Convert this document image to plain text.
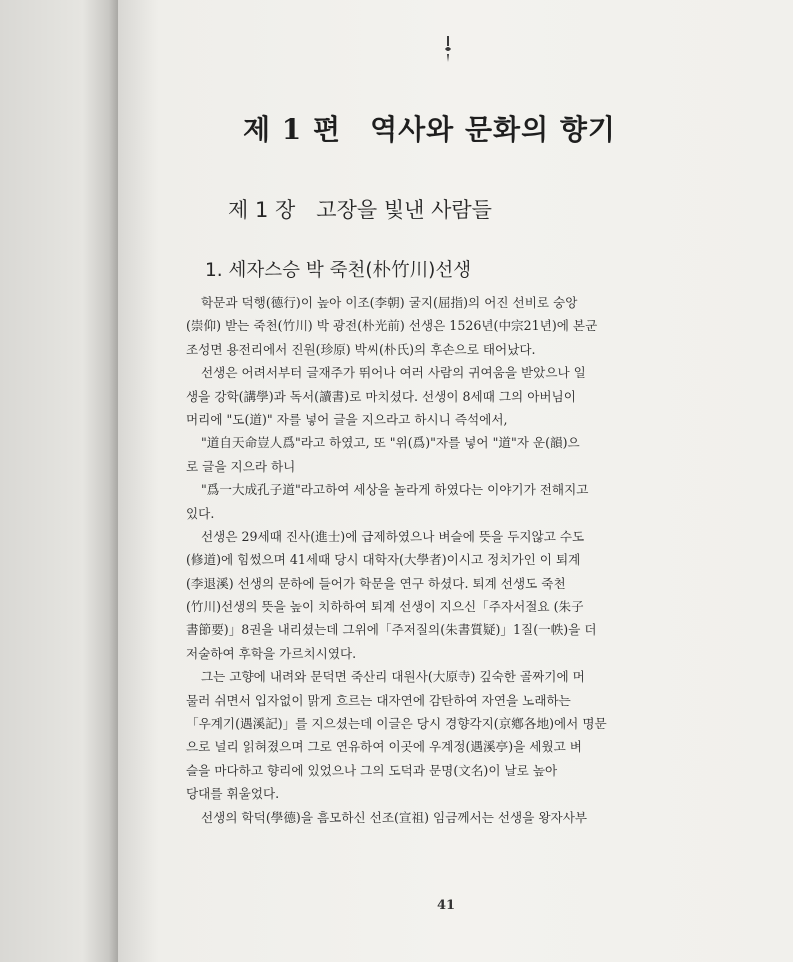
제 1 편　역사와 문화의 향기
제 1 장　고장을 빛낸 사람들
1. 세자스승 박 죽천(朴竹川)선생
학문과 덕행(德行)이 높아 이조(李朝) 굴지(屈指)의 어진 선비로 숭앙
(崇仰) 받는 죽천(竹川) 박 광전(朴光前) 선생은 1526년(中宗21년)에 본군
조성면 용전리에서 진원(珍原) 박씨(朴氏)의 후손으로 태어났다.
선생은 어려서부터 글재주가 뛰어나 여러 사람의 귀여움을 받았으나 일
생을 강학(講學)과 독서(讀書)로 마치셨다. 선생이 8세때 그의 아버님이
머리에 "도(道)" 자를 넣어 글을 지으라고 하시니 즉석에서,
"道自天命豈人爲"라고 하였고, 또 "위(爲)"자를 넣어 "道"자 운(韻)으
로 글을 지으라 하니
"爲一大成孔子道"라고하여 세상을 놀라게 하였다는 이야기가 전해지고
있다.
선생은 29세때 진사(進士)에 급제하였으나 벼슬에 뜻을 두지않고 수도
(修道)에 힘썼으며 41세때 당시 대학자(大學者)이시고 정치가인 이 퇴계
(李退溪) 선생의 문하에 들어가 학문을 연구 하셨다. 퇴계 선생도 죽천
(竹川)선생의 뜻을 높이 치하하여 퇴계 선생이 지으신「주자서절요 (朱子
書節要)」8권을 내리셨는데 그위에「주저질의(朱書質疑)」1질(一帙)을 더
저술하여 후학을 가르치시였다.
그는 고향에 내려와 문덕면 죽산리 대원사(大原寺) 깊숙한 골짜기에 머
물러 쉬면서 입자없이 맑게 흐르는 대자연에 감탄하여 자연을 노래하는
「우계기(遇溪記)」를 지으셨는데 이글은 당시 경향각지(京鄕各地)에서 명문
으로 널리 읽혀졌으며 그로 연유하여 이곳에 우계정(遇溪亭)을 세웠고 벼
슬을 마다하고 향리에 있었으나 그의 도덕과 문명(文名)이 날로 높아
당대를 휘울었다.
선생의 학덕(學德)을 흠모하신 선조(宣祖) 임금께서는 선생을 왕자사부
41
